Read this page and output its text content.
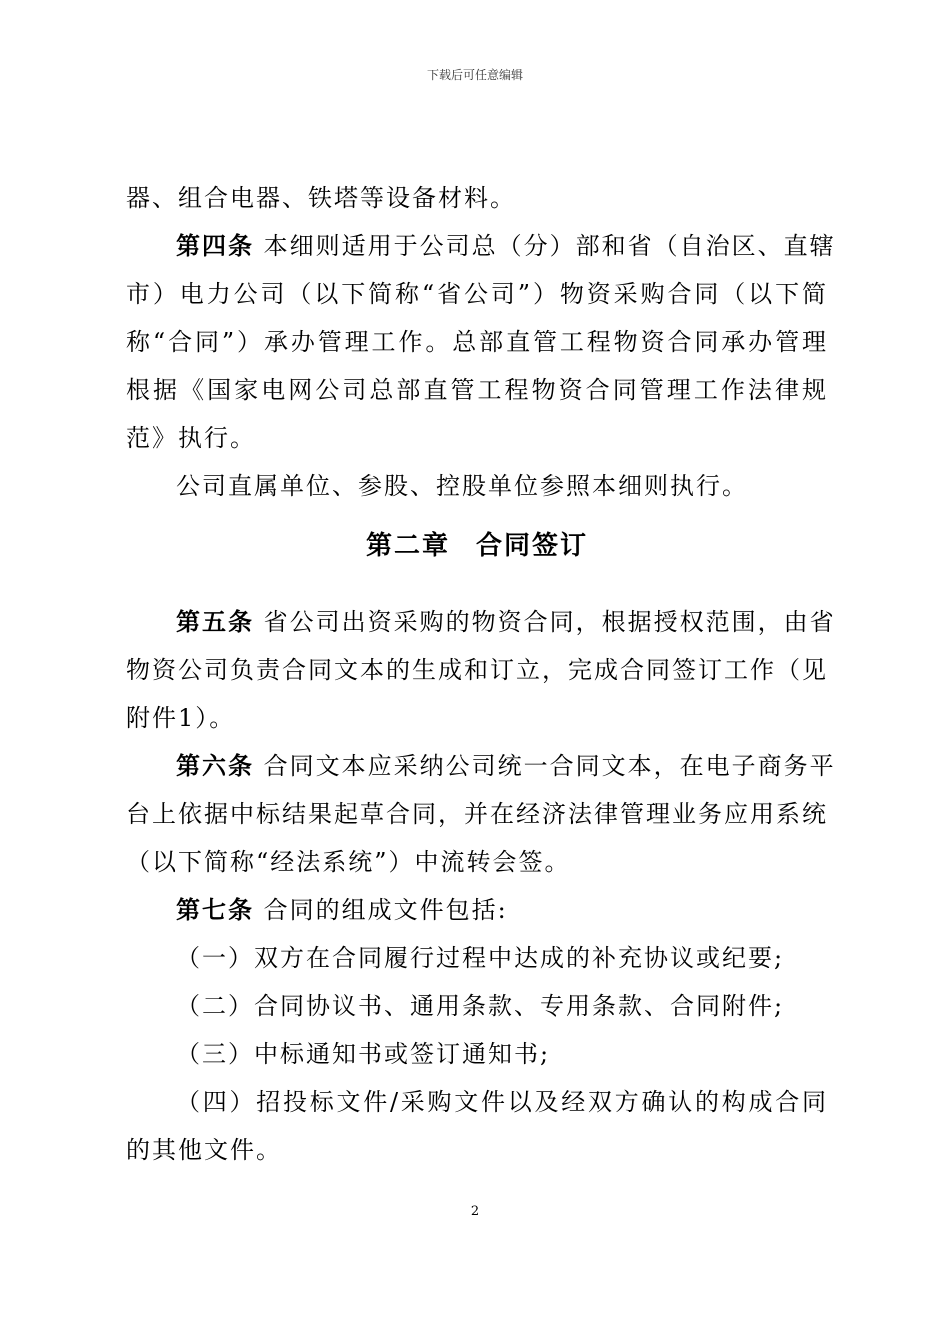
下载后可任意编辑
器、组合电器、铁塔等设备材料。
第四条 本细则适用于公司总（分）部和省（自治区、直辖
市）电力公司（以下简称“省公司”）物资采购合同（以下简
称“合同”）承办管理工作。总部直管工程物资合同承办管理
根据《国家电网公司总部直管工程物资合同管理工作法律规
范》执行。
公司直属单位、参股、控股单位参照本细则执行。
第二章 合同签订
第五条 省公司出资采购的物资合同，根据授权范围，由省
物资公司负责合同文本的生成和订立，完成合同签订工作（见
附件1）。
第六条 合同文本应采纳公司统一合同文本，在电子商务平
台上依据中标结果起草合同，并在经济法律管理业务应用系统
（以下简称“经法系统”）中流转会签。
第七条 合同的组成文件包括:
（一）双方在合同履行过程中达成的补充协议或纪要;
（二）合同协议书、通用条款、专用条款、合同附件;
（三）中标通知书或签订通知书;
（四）招投标文件/采购文件以及经双方确认的构成合同
的其他文件。
2
